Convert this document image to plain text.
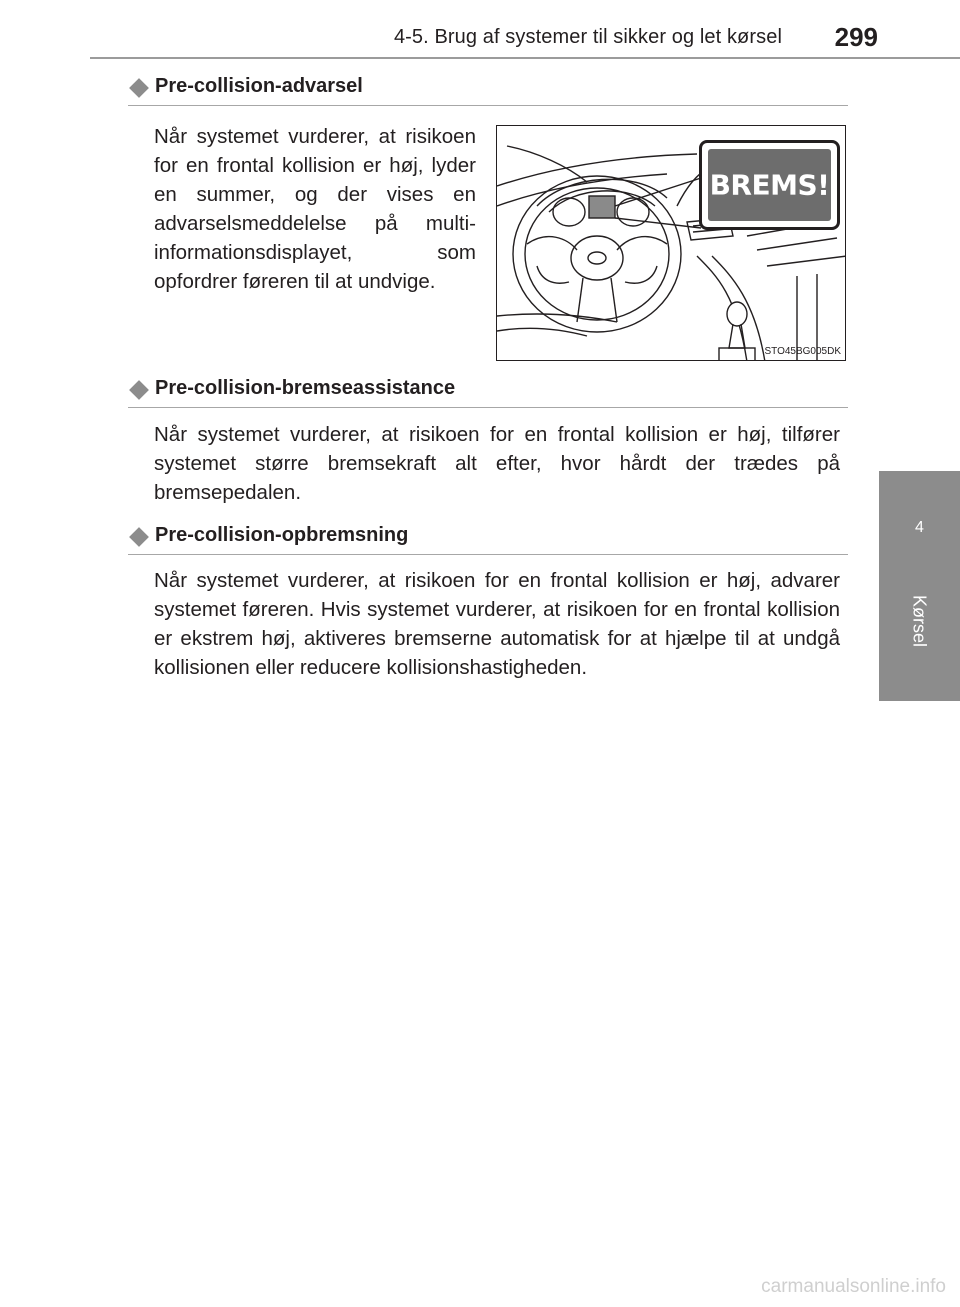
4-5. Brug af systemer til sikker og let kørsel 299
4
Kørsel
Pre-collision-advarsel

Når systemet vurderer, at risikoen for en frontal kollision er høj, lyder en summer, og der vises en advarselsmeddelelse på multi-informationsdisplayet, som opfordrer føreren til at undvige.

STO45BG005DK
BREMS!
Pre-collision-bremseassistance

Når systemet vurderer, at risikoen for en frontal kollision er høj, tilfører systemet større bremsekraft alt efter, hvor hårdt der trædes på bremsepedalen.

Pre-collision-opbremsning

Når systemet vurderer, at risikoen for en frontal kollision er høj, advarer systemet føreren. Hvis systemet vurderer, at risikoen for en frontal kollision er ekstrem høj, aktiveres bremserne automatisk for at hjælpe til at undgå kollisionen eller reducere kollisionshastigheden.

carmanualsonline.info
